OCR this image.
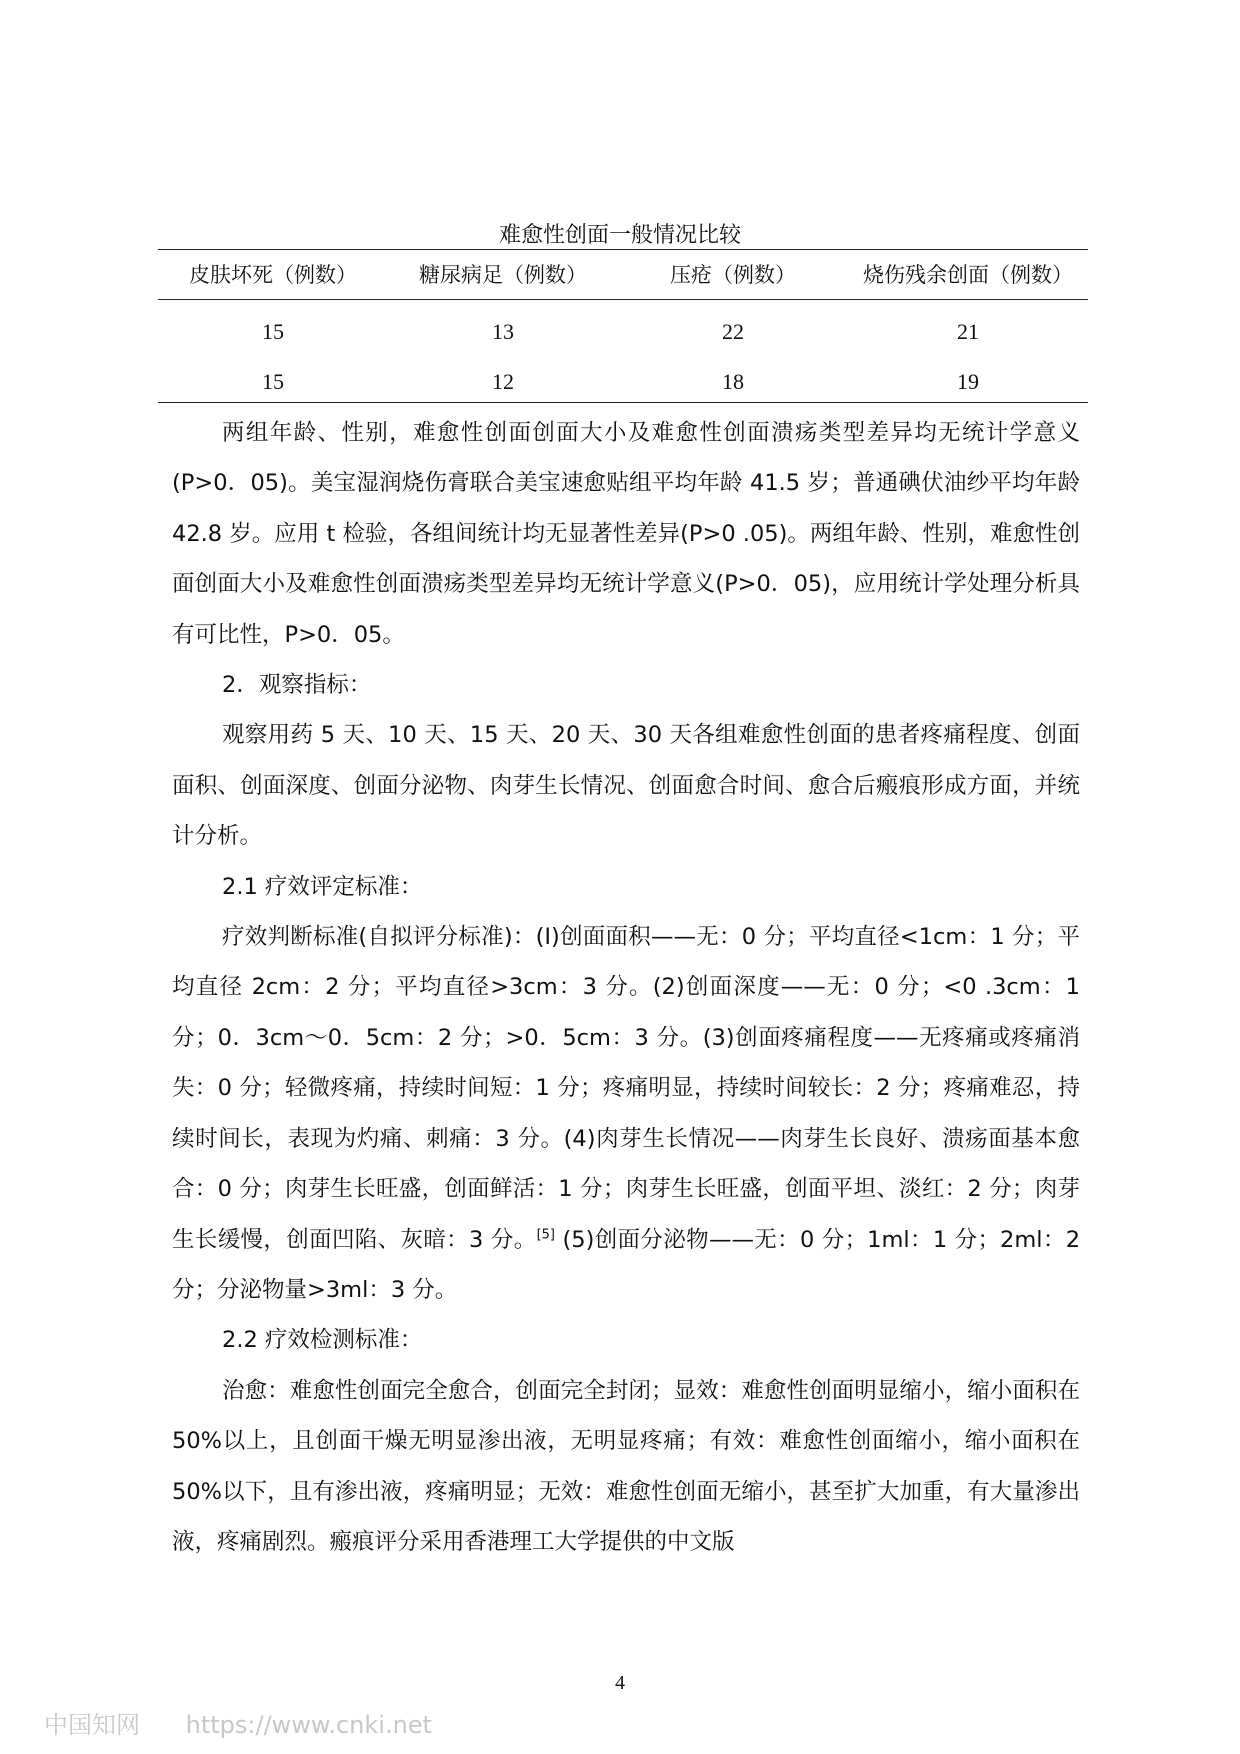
难愈性创面一般情况比较
皮肤坏死（例数）	糖尿病足（例数）	压疮（例数）	烧伤残余创面（例数）
15	13	22	21
15	12	18	19

两组年龄、性别，难愈性创面创面大小及难愈性创面溃疡类型差异均无统计学意义(P>0．05)。美宝湿润烧伤膏联合美宝速愈贴组平均年龄 41.5 岁；普通碘伏油纱平均年龄 42.8 岁。应用 t 检验，各组间统计均无显著性差异(P>0 .05)。两组年龄、性别，难愈性创面创面大小及难愈性创面溃疡类型差异均无统计学意义(P>0．05)，应用统计学处理分析具有可比性，P>0．05。

2．观察指标：

观察用药 5 天、10 天、15 天、20 天、30 天各组难愈性创面的患者疼痛程度、创面面积、创面深度、创面分泌物、肉芽生长情况、创面愈合时间、愈合后瘢痕形成方面，并统计分析。

2.1 疗效评定标准：

疗效判断标准(自拟评分标准)：(I)创面面积——无：0 分；平均直径<1cm：1 分；平均直径 2cm：2 分；平均直径>3cm：3 分。(2)创面深度——无：0 分；<0 .3cm：1 分；0．3cm～0．5cm：2 分；>0．5cm：3 分。(3)创面疼痛程度——无疼痛或疼痛消失：0 分；轻微疼痛，持续时间短：1 分；疼痛明显，持续时间较长：2 分；疼痛难忍，持续时间长，表现为灼痛、刺痛：3 分。(4)肉芽生长情况——肉芽生长良好、溃疡面基本愈合：0 分；肉芽生长旺盛，创面鲜活：1 分；肉芽生长旺盛，创面平坦、淡红：2 分；肉芽生长缓慢，创面凹陷、灰暗：3 分。[5] (5)创面分泌物——无：0 分；1ml：1 分；2ml：2 分；分泌物量>3ml：3 分。

2.2 疗效检测标准：

治愈：难愈性创面完全愈合，创面完全封闭；显效：难愈性创面明显缩小，缩小面积在 50%以上，且创面干燥无明显渗出液，无明显疼痛；有效：难愈性创面缩小，缩小面积在 50%以下，且有渗出液，疼痛明显；无效：难愈性创面无缩小，甚至扩大加重，有大量渗出液，疼痛剧烈。瘢痕评分采用香港理工大学提供的中文版

4
中国知网 https://www.cnki.net
